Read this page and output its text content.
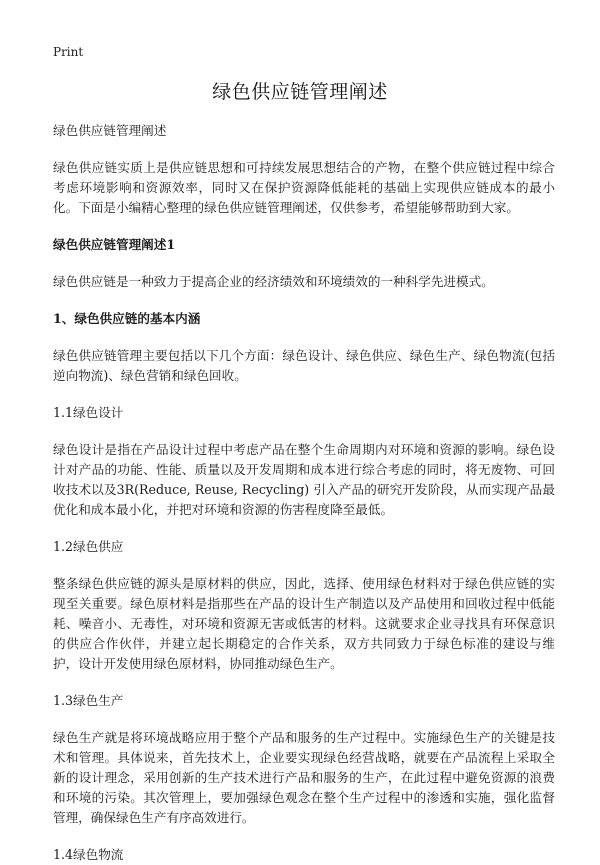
Print
绿色供应链管理阐述

绿色供应链管理阐述

绿色供应链实质上是供应链思想和可持续发展思想结合的产物，在整个供应链过程中综合考虑环境影响和资源效率，同时又在保护资源降低能耗的基础上实现供应链成本的最小化。下面是小编精心整理的绿色供应链管理阐述，仅供参考，希望能够帮助到大家。

绿色供应链管理阐述1

绿色供应链是一种致力于提高企业的经济绩效和环境绩效的一种科学先进模式。

1、绿色供应链的基本内涵

绿色供应链管理主要包括以下几个方面：绿色设计、绿色供应、绿色生产、绿色物流(包括逆向物流)、绿色营销和绿色回收。

1.1绿色设计

绿色设计是指在产品设计过程中考虑产品在整个生命周期内对环境和资源的影响。绿色设计对产品的功能、性能、质量以及开发周期和成本进行综合考虑的同时，将无废物、可回收技术以及3R(Reduce, Reuse, Recycling) 引入产品的研究开发阶段，从而实现产品最优化和成本最小化，并把对环境和资源的伤害程度降至最低。

1.2绿色供应

整条绿色供应链的源头是原材料的供应，因此，选择、使用绿色材料对于绿色供应链的实现至关重要。绿色原材料是指那些在产品的设计生产制造以及产品使用和回收过程中低能耗、噪音小、无毒性，对环境和资源无害或低害的材料。这就要求企业寻找具有环保意识的供应合作伙伴，并建立起长期稳定的合作关系，双方共同致力于绿色标准的建设与维护，设计开发使用绿色原材料，协同推动绿色生产。

1.3绿色生产

绿色生产就是将环境战略应用于整个产品和服务的生产过程中。实施绿色生产的关键是技术和管理。具体说来，首先技术上，企业要实现绿色经营战略，就要在产品流程上采取全新的设计理念，采用创新的生产技术进行产品和服务的生产，在此过程中避免资源的浪费和环境的污染。其次管理上，要加强绿色观念在整个生产过程中的渗透和实施，强化监督管理，确保绿色生产有序高效进行。

1.4绿色物流
